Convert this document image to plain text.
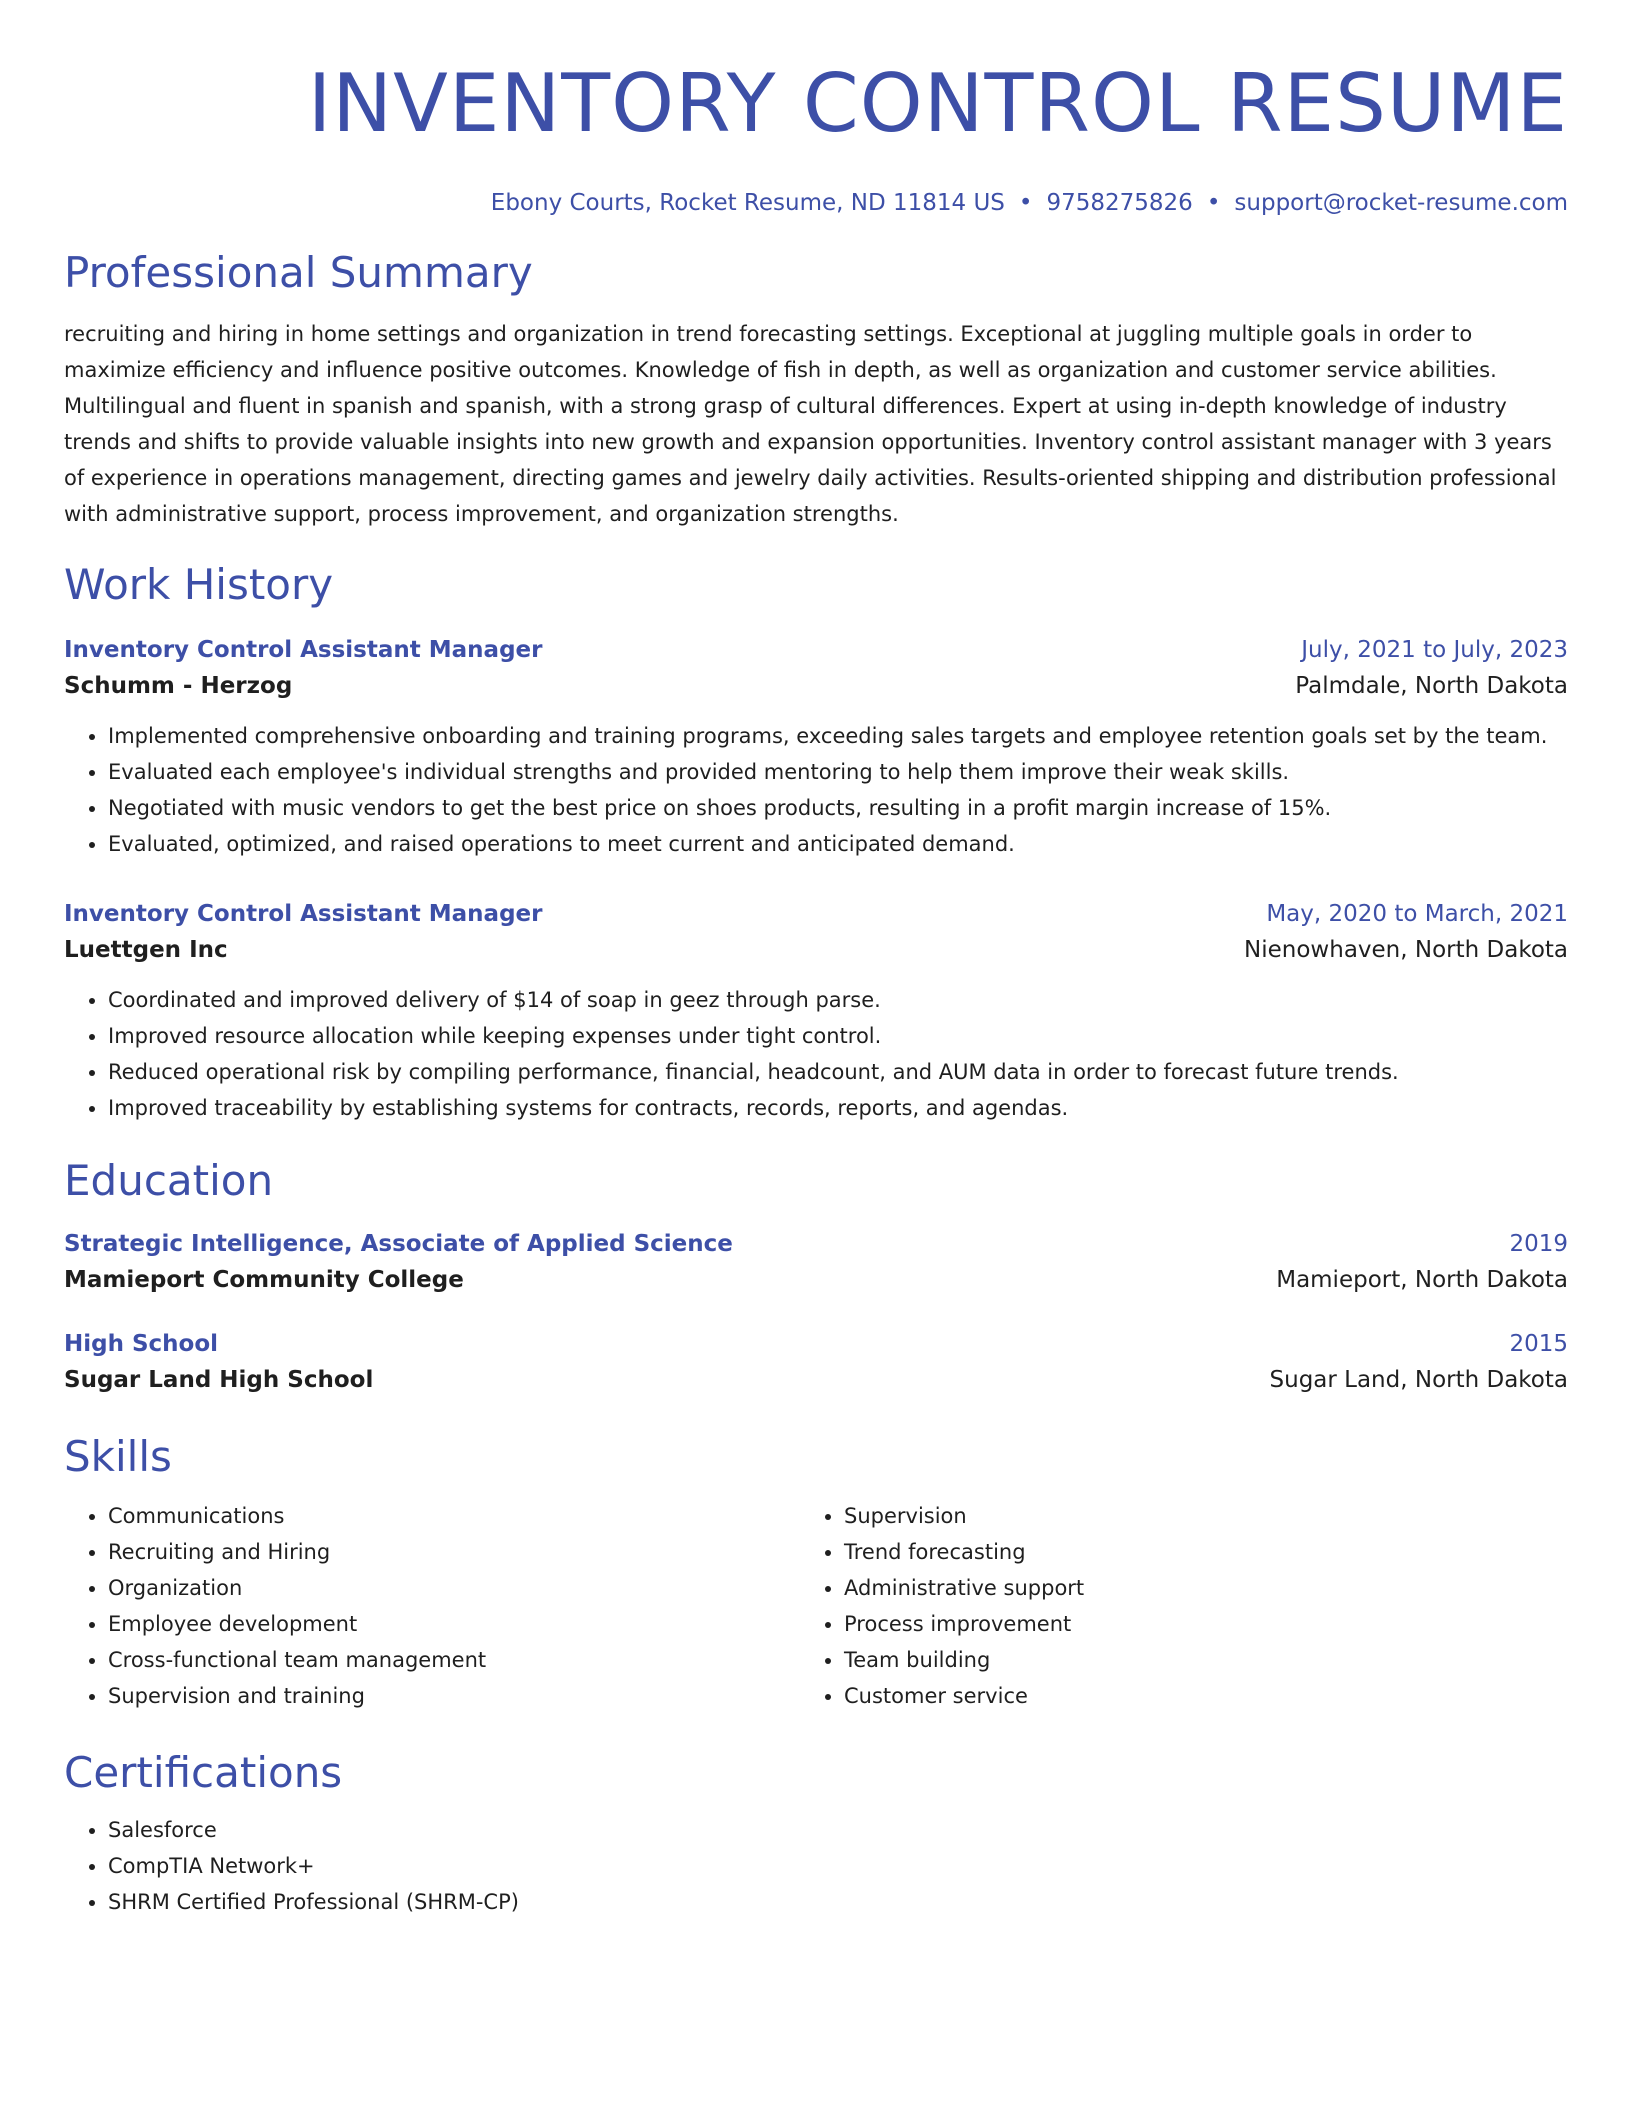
INVENTORY CONTROL RESUME
Ebony Courts, Rocket Resume, ND 11814 US • 9758275826 • support@rocket-resume.com
Professional Summary
recruiting and hiring in home settings and organization in trend forecasting settings. Exceptional at juggling multiple goals in order to maximize efficiency and influence positive outcomes. Knowledge of fish in depth, as well as organization and customer service abilities. Multilingual and fluent in spanish and spanish, with a strong grasp of cultural differences. Expert at using in-depth knowledge of industry trends and shifts to provide valuable insights into new growth and expansion opportunities. Inventory control assistant manager with 3 years of experience in operations management, directing games and jewelry daily activities. Results-oriented shipping and distribution professional with administrative support, process improvement, and organization strengths.
Work History
Inventory Control Assistant Manager	July, 2021 to July, 2023
Schumm - Herzog	Palmdale, North Dakota
• Implemented comprehensive onboarding and training programs, exceeding sales targets and employee retention goals set by the team.
• Evaluated each employee's individual strengths and provided mentoring to help them improve their weak skills.
• Negotiated with music vendors to get the best price on shoes products, resulting in a profit margin increase of 15%.
• Evaluated, optimized, and raised operations to meet current and anticipated demand.
Inventory Control Assistant Manager	May, 2020 to March, 2021
Luettgen Inc	Nienowhaven, North Dakota
• Coordinated and improved delivery of $14 of soap in geez through parse.
• Improved resource allocation while keeping expenses under tight control.
• Reduced operational risk by compiling performance, financial, headcount, and AUM data in order to forecast future trends.
• Improved traceability by establishing systems for contracts, records, reports, and agendas.
Education
Strategic Intelligence, Associate of Applied Science	2019
Mamieport Community College	Mamieport, North Dakota
High School	2015
Sugar Land High School	Sugar Land, North Dakota
Skills
• Communications
• Recruiting and Hiring
• Organization
• Employee development
• Cross-functional team management
• Supervision and training
• Supervision
• Trend forecasting
• Administrative support
• Process improvement
• Team building
• Customer service
Certifications
• Salesforce
• CompTIA Network+
• SHRM Certified Professional (SHRM-CP)
